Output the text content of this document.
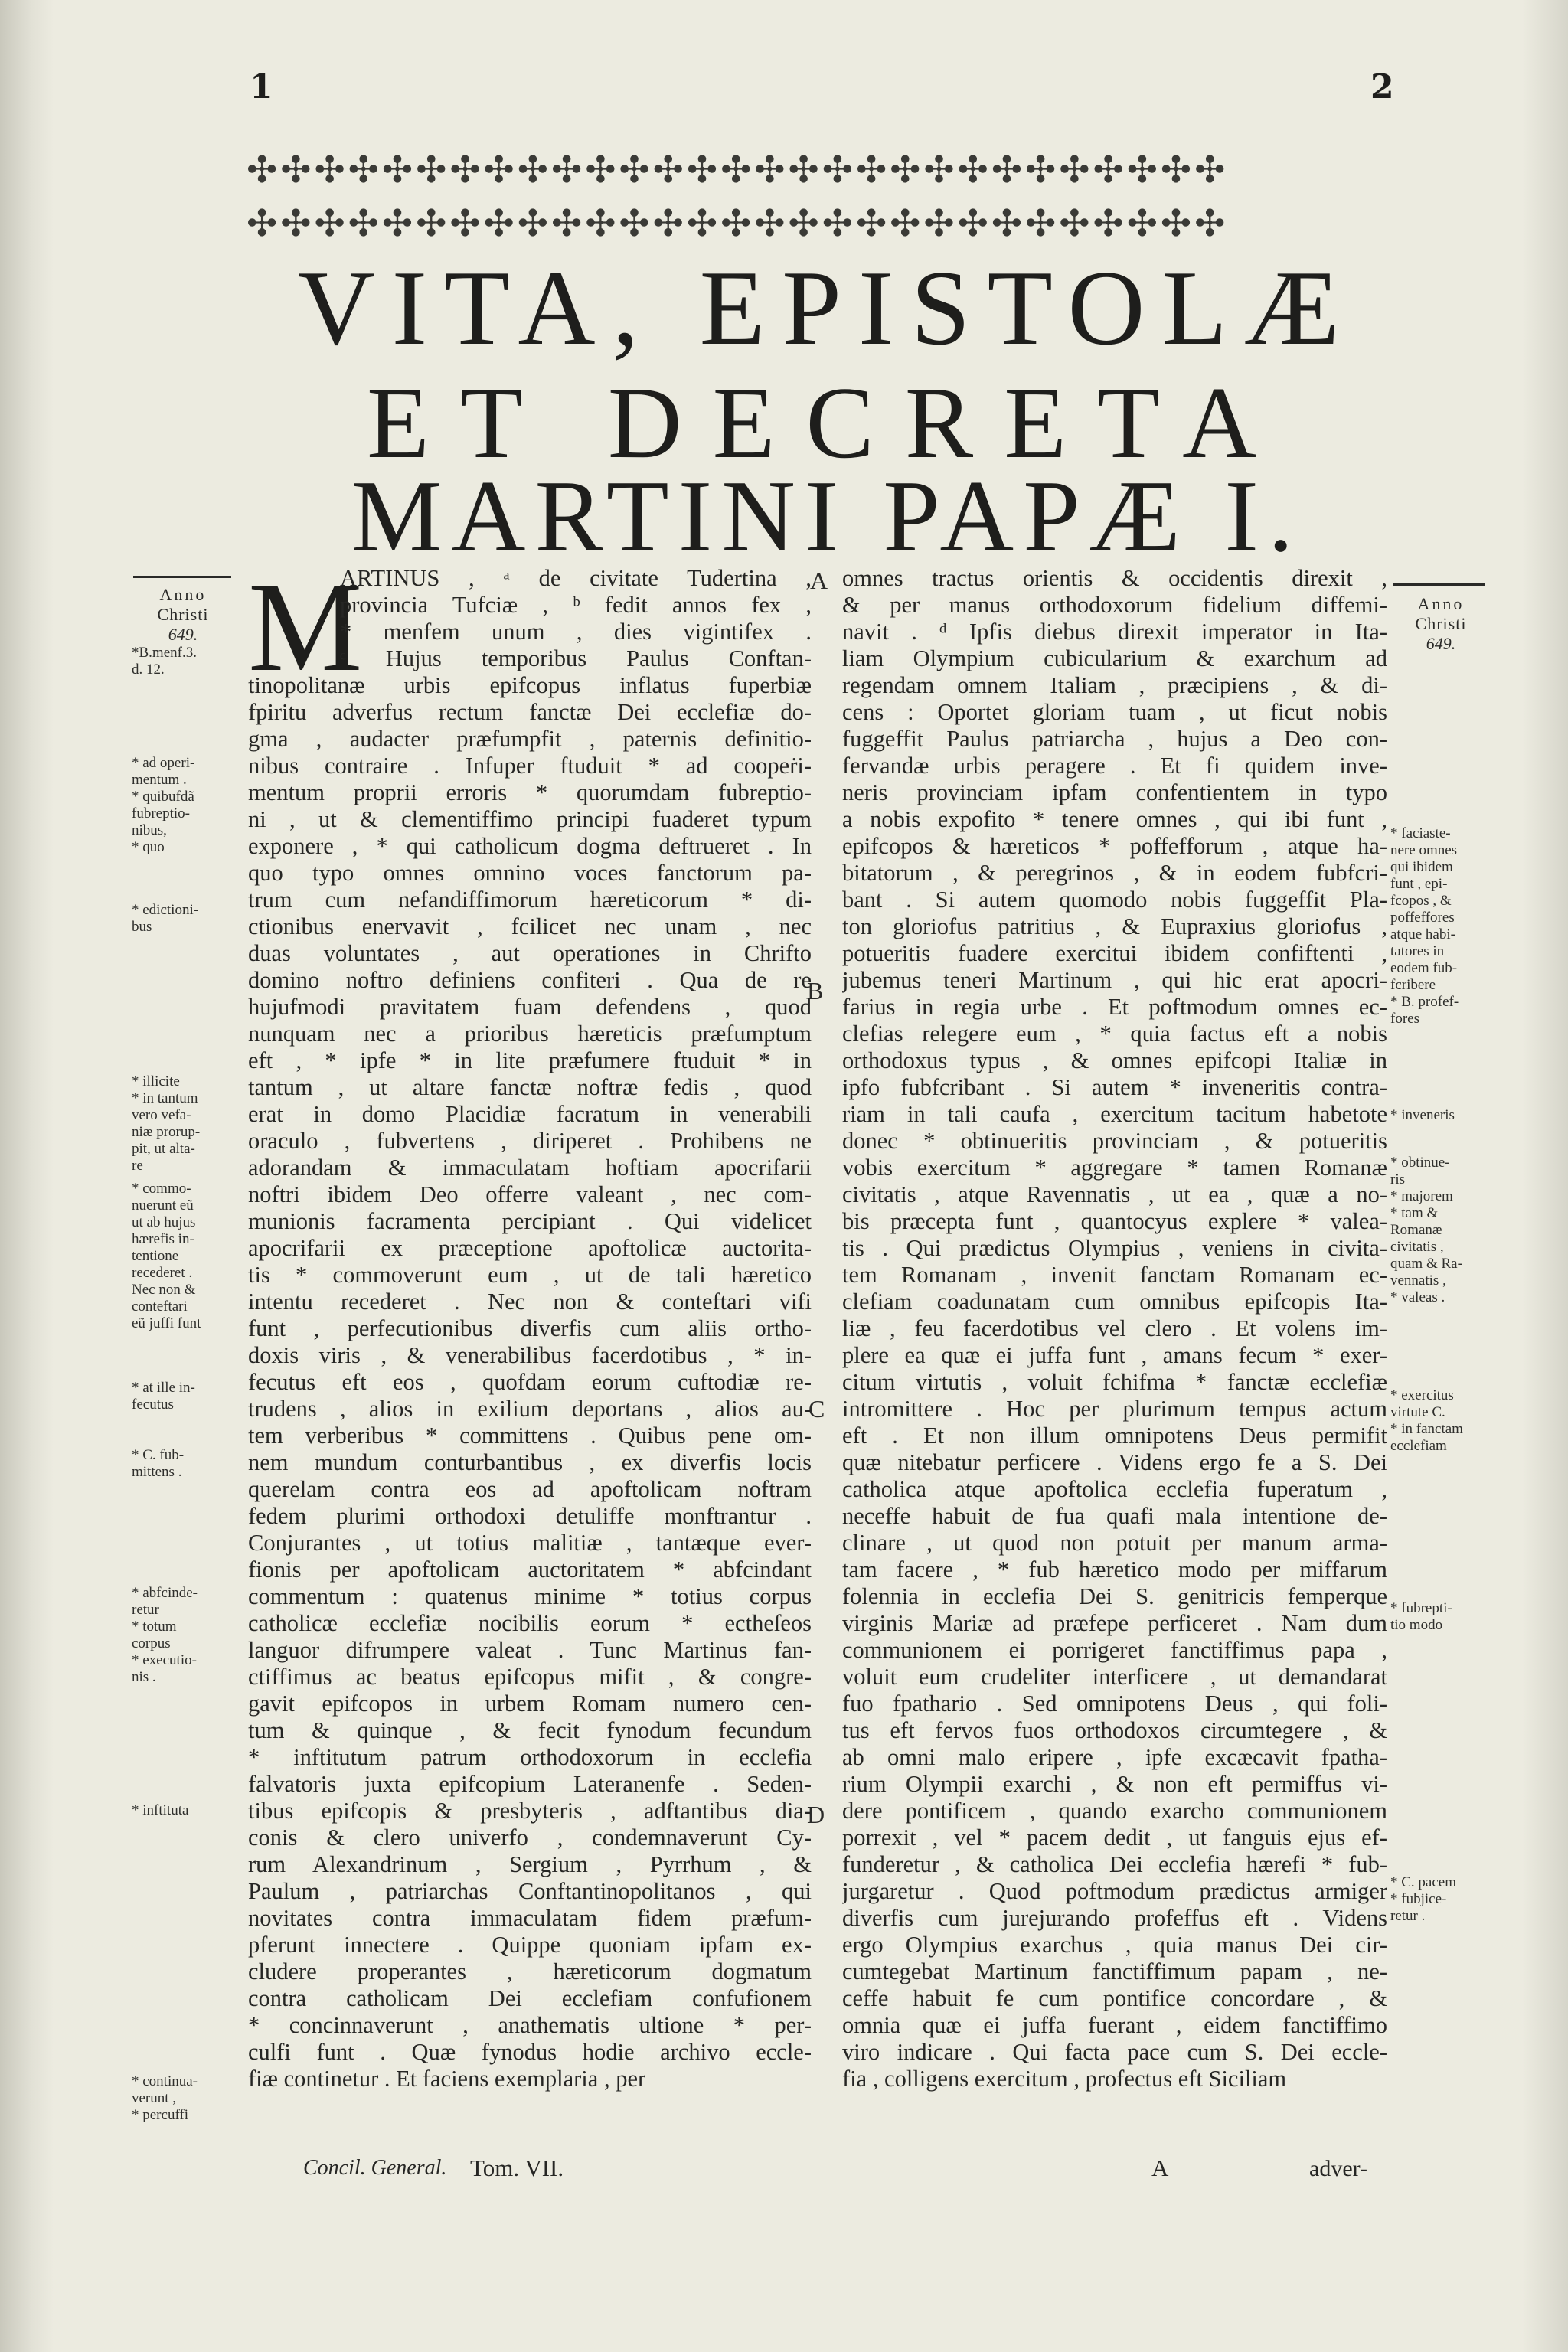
1	2
✣✣✣✣✣✣✣✣✣✣✣✣✣✣✣✣✣✣✣✣✣✣✣✣✣✣✣✣✣
✣✣✣✣✣✣✣✣✣✣✣✣✣✣✣✣✣✣✣✣✣✣✣✣✣✣✣✣✣
VITA, EPISTOLÆ
ET DECRETA
MARTINI PAPÆ I.
Anno
Christi
649.
Anno
Christi
649.
*B.menf.3.
d. 12.
* ad operi-
mentum .
* quibufdã
fubreptio-
nibus,
* quo
* edictioni-
bus
* illicite
* in tantum
vero vefa-
niæ prorup-
pit, ut alta-
re
* commo-
nuerunt eũ
ut ab hujus
hærefis in-
tentione
recederet .
Nec non &
conteftari
eũ juffi funt
* at ille in-
fecutus
* C. fub-
mittens .
* abfcinde-
retur
* totum
corpus
* executio-
nis .
* inftituta
* continua-
verunt ,
* percuffi
* faciaste-
nere omnes
qui ibidem
funt , epi-
fcopos , &
poffeffores
atque habi-
tatores in
eodem fub-
fcribere
* B. profef-
fores
* inveneris
* obtinue-
ris
* majorem
* tam &
Romanæ
civitatis ,
quam & Ra-
vennatis ,
* valeas .
* exercitus
virtute C.
* in fanctam
ecclefiam
* fubrepti-
tio modo
* C. pacem
* fubjice-
retur .
M
ARTINUS , ᵃ de civitate Tudertina ,
provincia Tufciæ , ᵇ fedit annos fex ,
* menfem unum , dies vigintifex .
ᶜ Hujus temporibus Paulus Conftan-
tinopolitanæ urbis epifcopus inflatus fuperbiæ
fpiritu adverfus rectum fanctæ Dei ecclefiæ do-
gma , audacter præfumpfit , paternis definitio-
nibus contraire . Infuper ftuduit * ad coopeṙi-
mentum proprii erroris * quorumdam fubreptio-
ni , ut & clementiffimo principi fuaderet typum
exponere , * qui catholicum dogma deftrueret . In
quo typo omnes omnino voces fanctorum pa-
trum cum nefandiffimorum hæreticorum * di-
ctionibus enervavit , fcilicet nec unam , nec
duas voluntates , aut operationes in Chrifto
domino noftro definiens confiteri . Qua de re
hujufmodi pravitatem fuam defendens , quod
nunquam nec a prioribus hæreticis præfumptum
eft , * ipfe * in lite præfumere ftuduit * in
tantum , ut altare fanctæ noftræ fedis , quod
erat in domo Placidiæ facratum in venerabili
oraculo , fubvertens , diriperet . Prohibens ne
adorandam & immaculatam hoftiam apocrifarii
noftri ibidem Deo offerre valeant , nec com-
munionis facramenta percipiant . Qui videlicet
apocrifarii ex præceptione apoftolicæ auctorita-
tis * commoverunt eum , ut de tali hæretico
intentu recederet . Nec non & conteftari vifi
funt , perfecutionibus diverfis cum aliis ortho-
doxis viris , & venerabilibus facerdotibus , * in-
fecutus eft eos , quofdam eorum cuftodiæ re-
trudens , alios in exilium deportans , alios au-
tem verberibus * committens . Quibus pene om-
nem mundum conturbantibus , ex diverfis locis
querelam contra eos ad apoftolicam noftram
fedem plurimi orthodoxi detuliffe monftrantur .
Conjurantes , ut totius malitiæ , tantæque ever-
fionis per apoftolicam auctoritatem * abfcindant
commentum : quatenus minime * totius corpus
catholicæ ecclefiæ nocibilis eorum * ectheſeos
languor difrumpere valeat . Tunc Martinus fan-
ctiffimus ac beatus epifcopus mifit , & congre-
gavit epifcopos in urbem Romam numero cen-
tum & quinque , & fecit fynodum fecundum
* inftitutum patrum orthodoxorum in ecclefia
falvatoris juxta epifcopium Lateranenfe . Seden-
tibus epifcopis & presbyteris , adftantibus dia-
conis & clero univerfo , condemnaverunt Cy-
rum Alexandrinum , Sergium , Pyrrhum , &
Paulum , patriarchas Conftantinopolitanos , qui
novitates contra immaculatam fidem præfum-
pferunt innectere . Quippe quoniam ipfam ex-
cludere properantes , hæreticorum dogmatum
contra catholicam Dei ecclefiam confufionem
* concinnaverunt , anathematis ultione * per-
culfi funt . Quæ fynodus hodie archivo eccle-
fiæ continetur . Et faciens exemplaria , per
omnes tractus orientis & occidentis direxit ,
& per manus orthodoxorum fidelium diffemi-
navit . ᵈ Ipfis diebus direxit imperator in Ita-
liam Olympium cubicularium & exarchum ad
regendam omnem Italiam , præcipiens , & di-
cens : Oportet gloriam tuam , ut ficut nobis
fuggeffit Paulus patriarcha , hujus a Deo con-
fervandæ urbis peragere . Et fi quidem inve-
neris provinciam ipfam confentientem in typo
a nobis expofito * tenere omnes , qui ibi funt ,
epifcopos & hæreticos * poffefforum , atque ha-
bitatorum , & peregrinos , & in eodem fubfcri-
bant . Si autem quomodo nobis fuggeffit Pla-
ton gloriofus patritius , & Eupraxius gloriofus ,
potueritis fuadere exercitui ibidem confiftenti ,
jubemus teneri Martinum , qui hic erat apocri-
farius in regia urbe . Et poftmodum omnes ec-
clefias relegere eum , * quia factus eft a nobis
orthodoxus typus , & omnes epifcopi Italiæ in
ipfo fubfcribant . Si autem * inveneritis contra-
riam in tali caufa , exercitum tacitum habetote
donec * obtinueritis provinciam , & potueritis
vobis exercitum * aggregare * tamen Romanæ
civitatis , atque Ravennatis , ut ea , quæ a no-
bis præcepta funt , quantocyus explere * valea-
tis . Qui prædictus Olympius , veniens in civita-
tem Romanam , invenit fanctam Romanam ec-
clefiam coadunatam cum omnibus epifcopis Ita-
liæ , feu facerdotibus vel clero . Et volens im-
plere ea quæ ei juffa funt , amans fecum * exer-
citum virtutis , voluit fchifma * fanctæ ecclefiæ
intromittere . Hoc per plurimum tempus actum
eft . Et non illum omnipotens Deus permifit
quæ nitebatur perficere . Videns ergo fe a S. Dei
catholica atque apoftolica ecclefia fuperatum ,
neceffe habuit de fua quafi mala intentione de-
clinare , ut quod non potuit per manum arma-
tam facere , * fub hæretico modo per miffarum
folennia in ecclefia Dei S. genitricis femperque
virginis Mariæ ad præfepe perficeret . Nam dum
communionem ei porrigeret fanctiffimus papa ,
voluit eum crudeliter interficere , ut demandarat
fuo fpathario . Sed omnipotens Deus , qui foli-
tus eft fervos fuos orthodoxos circumtegere , &
ab omni malo eripere , ipfe excæcavit fpatha-
rium Olympii exarchi , & non eft permiffus vi-
dere pontificem , quando exarcho communionem
porrexit , vel * pacem dedit , ut fanguis ejus ef-
funderetur , & catholica Dei ecclefia hærefi * fub-
jurgaretur . Quod poftmodum prædictus armiger
diverfis cum jurejurando profeffus eft . Videns
ergo Olympius exarchus , quia manus Dei cir-
cumtegebat Martinum fanctiffimum papam , ne-
ceffe habuit fe cum pontifice concordare , &
omnia quæ ei juffa fuerant , eidem fanctiffimo
viro indicare . Qui facta pace cum S. Dei eccle-
fia , colligens exercitum , profectus eft Siciliam
A
B
C
D
Concil. General. Tom. VII.	A	adver-
